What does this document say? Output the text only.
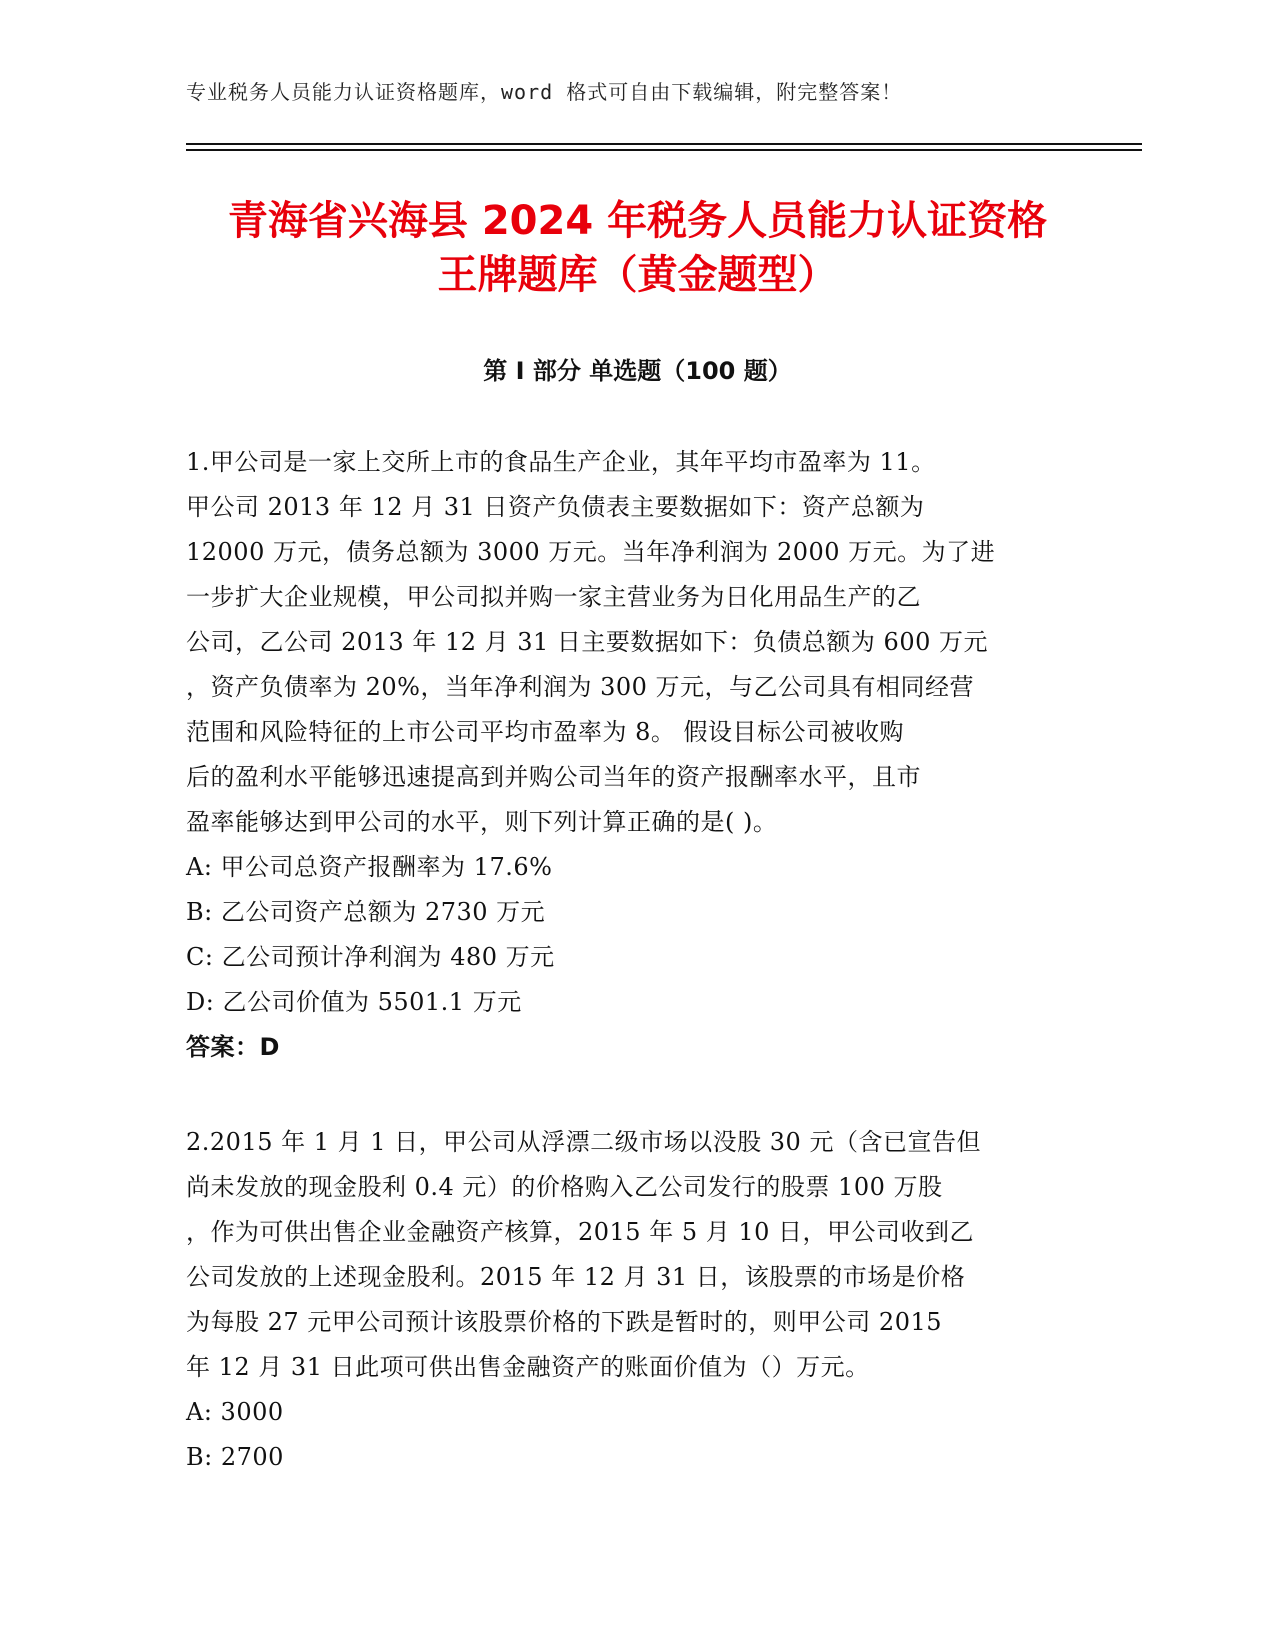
专业税务人员能力认证资格题库，word 格式可自由下载编辑，附完整答案！
青海省兴海县 2024 年税务人员能力认证资格
王牌题库（黄金题型）
第 I 部分 单选题（100 题）
1.甲公司是一家上交所上市的食品生产企业，其年平均市盈率为 11。
甲公司 2013 年 12 月 31 日资产负债表主要数据如下：资产总额为
12000 万元，债务总额为 3000 万元。当年净利润为 2000 万元。为了进
一步扩大企业规模，甲公司拟并购一家主营业务为日化用品生产的乙
公司，乙公司 2013 年 12 月 31 日主要数据如下：负债总额为 600 万元
，资产负债率为 20%，当年净利润为 300 万元，与乙公司具有相同经营
范围和风险特征的上市公司平均市盈率为 8。 假设目标公司被收购
后的盈利水平能够迅速提高到并购公司当年的资产报酬率水平，且市
盈率能够达到甲公司的水平，则下列计算正确的是( )。
A: 甲公司总资产报酬率为 17.6%
B: 乙公司资产总额为 2730 万元
C: 乙公司预计净利润为 480 万元
D: 乙公司价值为 5501.1 万元
答案：D
2.2015 年 1 月 1 日，甲公司从浮漂二级市场以没股 30 元（含已宣告但
尚未发放的现金股利 0.4 元）的价格购入乙公司发行的股票 100 万股
，作为可供出售企业金融资产核算，2015 年 5 月 10 日，甲公司收到乙
公司发放的上述现金股利。2015 年 12 月 31 日，该股票的市场是价格
为每股 27 元甲公司预计该股票价格的下跌是暂时的，则甲公司 2015
年 12 月 31 日此项可供出售金融资产的账面价值为（）万元。
A: 3000
B: 2700
